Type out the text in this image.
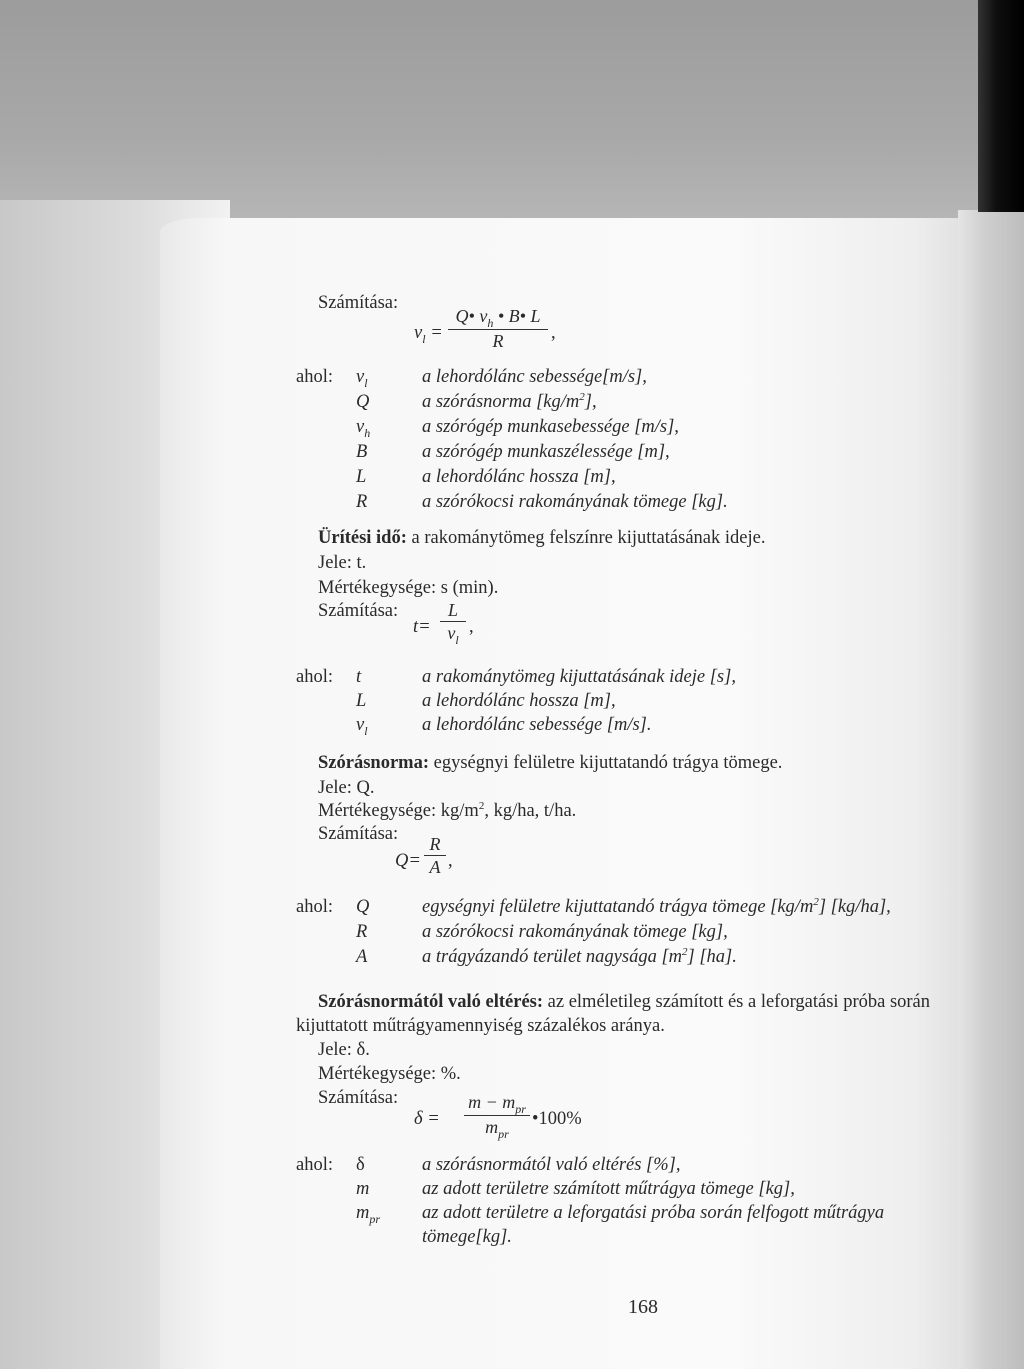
Számítása:
$v_l$ =
Q• $v_h$ • B• L
R	,
ahol: $v_l$	a lehordólánc sebessége[m/s],
Q	a szórásnorma $[kg/m^2]$,
$v_h$	a szórógép munkasebessége [m/s],
B	a szórógép munkaszélessége [m],
L	a lehordólánc hossza [m],
R	a szórókocsi rakományának tömege [kg].
Ürítési idő: a rakománytömeg felszínre kijuttatásának ideje.
Jele: t.
Mértékegysége: s (min).
Számítása:
t=
L
$v_l$
,
ahol: t	a rakománytömeg kijuttatásának ideje [s],
L	a lehordólánc hossza [m],
$v_l$	a lehordólánc sebessége [m/s].
Szórásnorma: egységnyi felületre kijuttatandó trágya tömege.
Jele: Q.
Mértékegysége: $kg/m^2$, kg/ha, t/ha.
Számítása:
Q=
R
A ,
ahol: Q	egységnyi felületre kijuttatandó trágya tömege $[kg/m^2]$ [kg/ha],
R	a szórókocsi rakományának tömege [kg],
A	a trágyázandó terület nagysága $[m^2]$ [ha].
Szórásnormától való eltérés: az elméletileg számított és a leforgatási próba során
kijuttatott műtrágyamennyiség százalékos aránya.
Jele: δ.
Mértékegysége: %.
Számítása:
δ =
$m - m_{pr}$
$m_{pr}$
•100%
ahol: δ	a szórásnormától való eltérés [%],
m	az adott területre számított műtrágya tömege [kg],
$m_{pr}$ az adott területre a leforgatási próba során felfogott műtrágya
tömege[kg].
168
